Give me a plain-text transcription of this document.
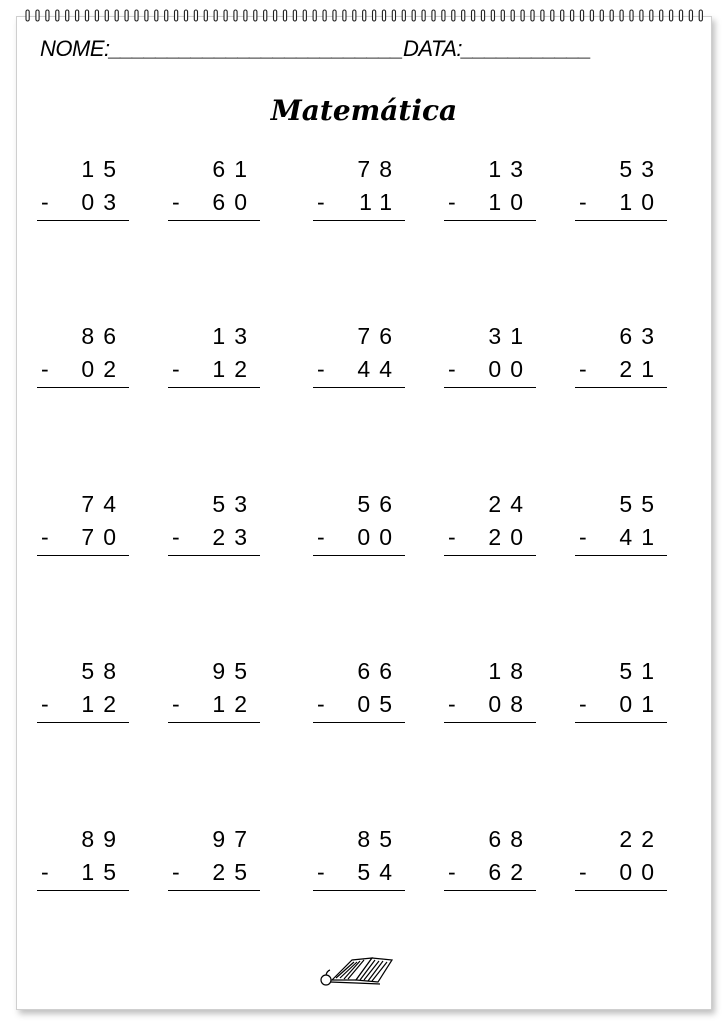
NOME:_________________________DATA:___________
Matemática
15
- 03
61
- 60
78
- 11
13
- 10
53
- 10
86
- 02
13
- 12
76
- 44
31
- 00
63
- 21
74
- 70
53
- 23
56
- 00
24
- 20
55
- 41
58
- 12
95
- 12
66
- 05
18
- 08
51
- 01
89
- 15
97
- 25
85
- 54
68
- 62
22
- 00
